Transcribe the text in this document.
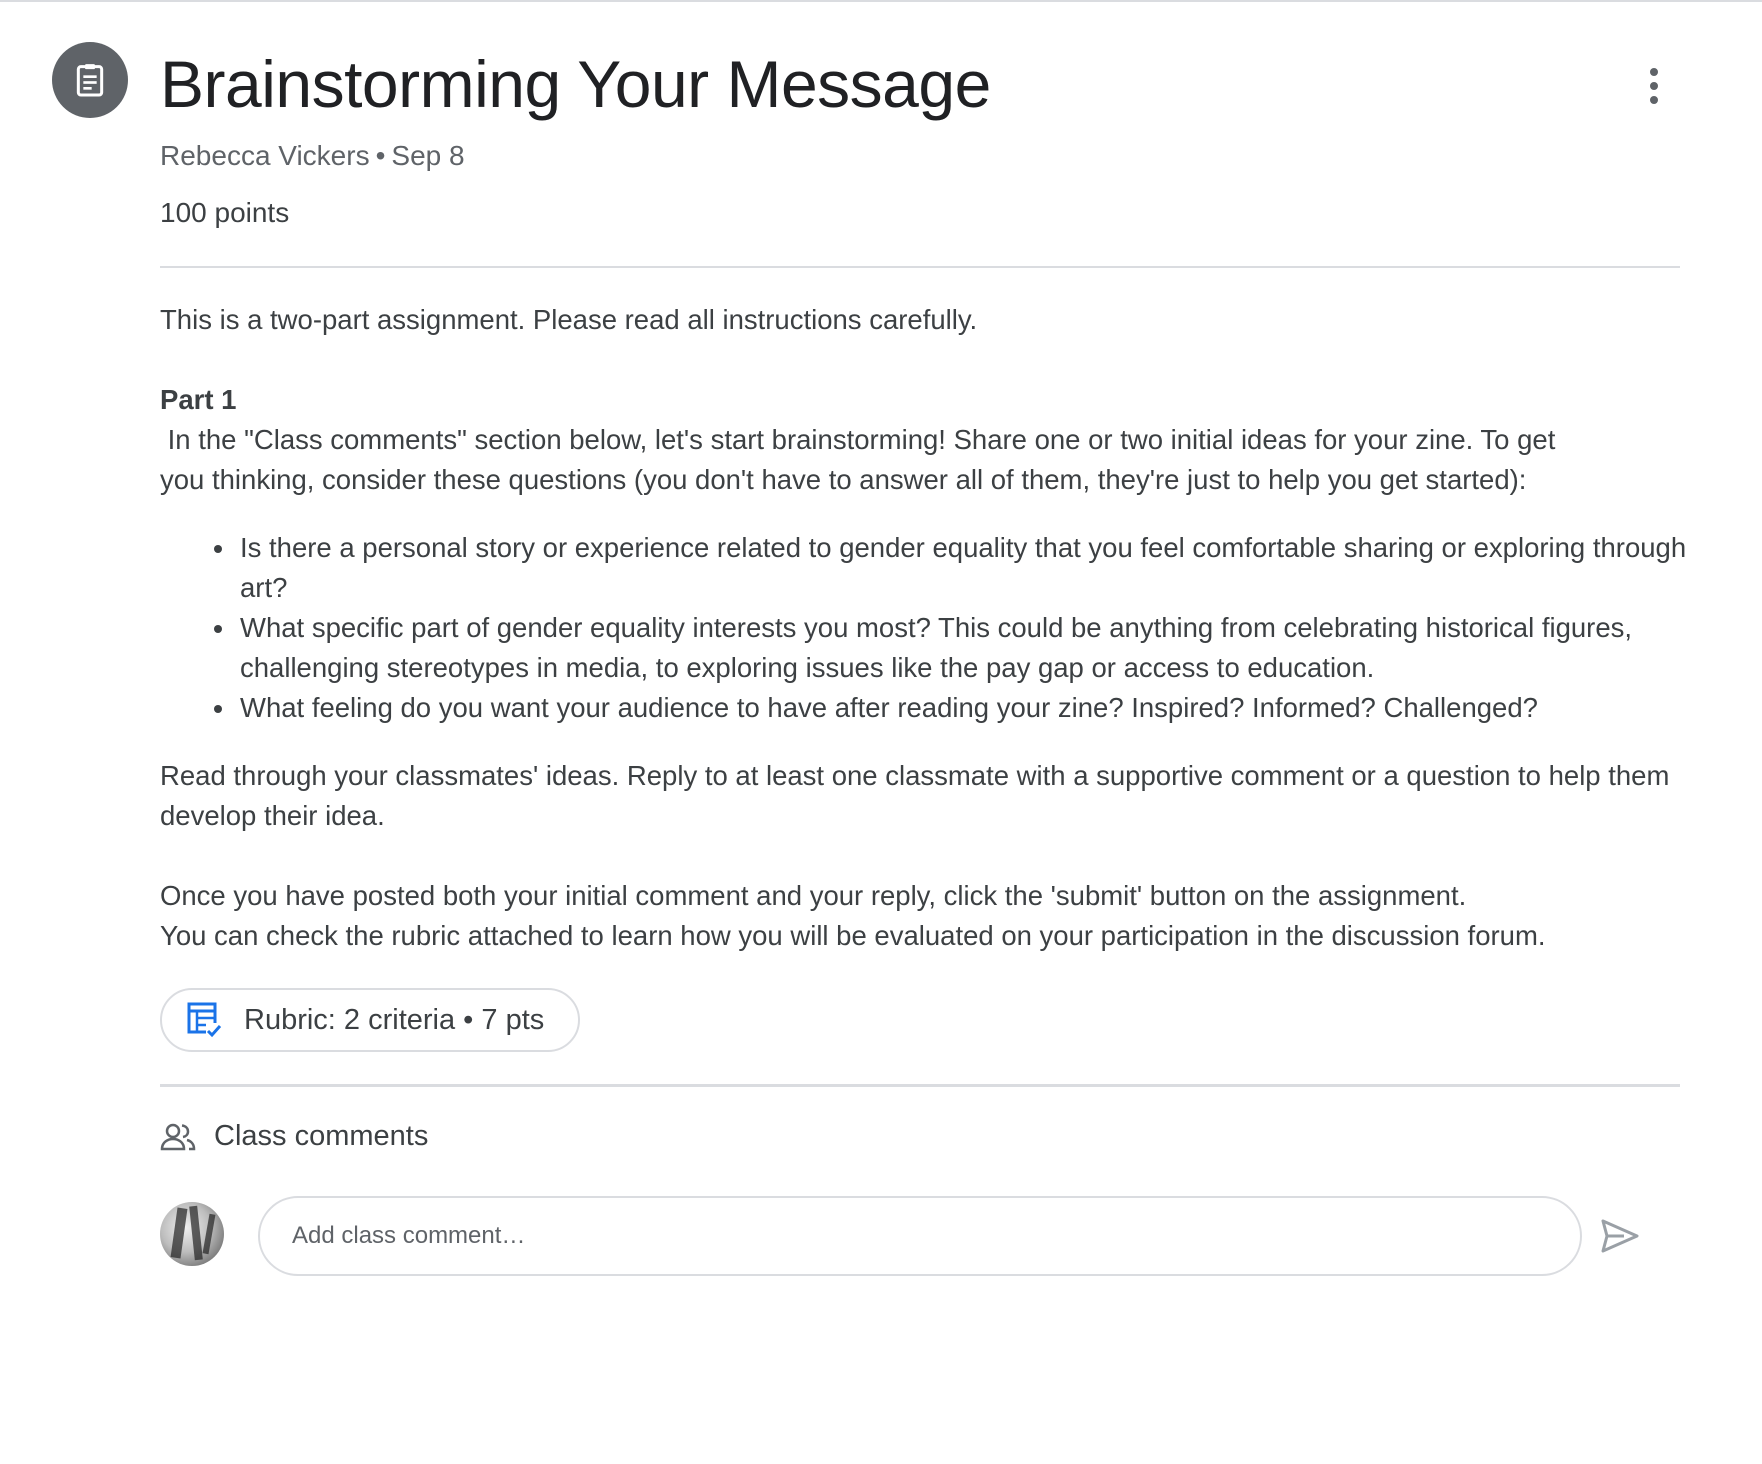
Brainstorming Your Message
Rebecca Vickers • Sep 8
100 points

This is a two-part assignment. Please read all instructions carefully.

Part 1

In the "Class comments" section below, let's start brainstorming! Share one or two initial ideas for your zine. To get

you thinking, consider these questions (you don't have to answer all of them, they're just to help you get started):

Is there a personal story or experience related to gender equality that you feel comfortable sharing or exploring through art?
What specific part of gender equality interests you most? This could be anything from celebrating historical figures, challenging stereotypes in media, to exploring issues like the pay gap or access to education.
What feeling do you want your audience to have after reading your zine? Inspired? Informed? Challenged?

Read through your classmates' ideas. Reply to at least one classmate with a supportive comment or a question to help them develop their idea.

Once you have posted both your initial comment and your reply, click the 'submit' button on the assignment.

You can check the rubric attached to learn how you will be evaluated on your participation in the discussion forum.

Rubric: 2 criteria • 7 pts
Class comments
Add class comment…
